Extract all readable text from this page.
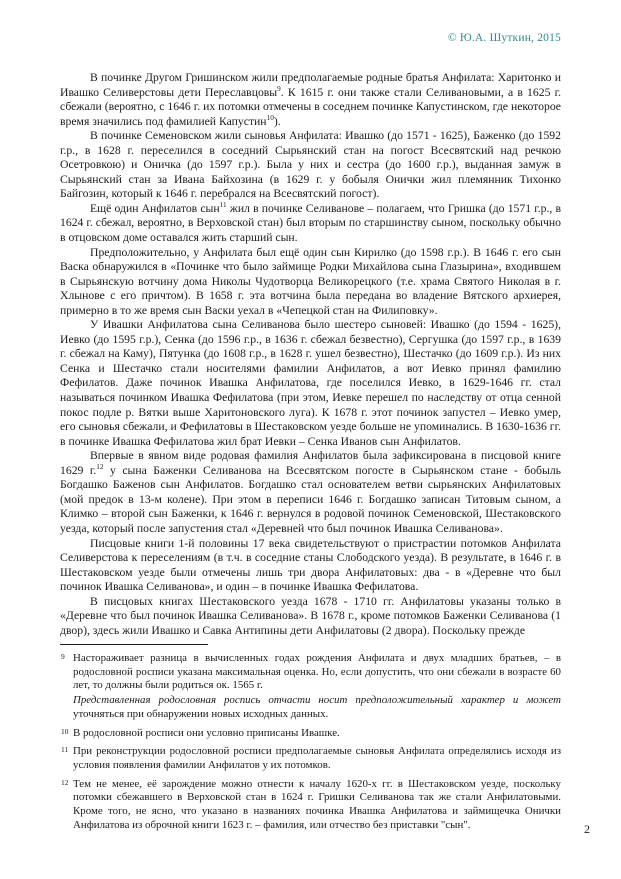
© Ю.А. Шуткин, 2015

В починке Другом Гришинском жили предполагаемые родные братья Анфилата: Харитонко и Ивашко Селиверстовы дети Переславцовы$^9$. К 1615 г. они также стали Селивановыми, а в 1625 г. сбежали (вероятно, с 1646 г. их потомки отмечены в соседнем починке Капустинском, где некоторое время значились под фамилией Капустин$^{10}$).

В починке Семеновском жили сыновья Анфилата: Ивашко (до 1571 - 1625), Баженко (до 1592 г.р., в 1628 г. переселился в соседний Сырьянский стан на погост Всесвятский над речкою Осетровкою) и Оничка (до 1597 г.р.). Была у них и сестра (до 1600 г.р.), выданная замуж в Сырьянский стан за Ивана Байхозина (в 1629 г. у бобыля Онички жил племянник Тихонко Байгозин, который к 1646 г. перебрался на Всесвятский погост).

Ещё один Анфилатов сын$^{11}$ жил в починке Селиванове – полагаем, что Гришка (до 1571 г.р., в 1624 г. сбежал, вероятно, в Верховской стан) был вторым по старшинству сыном, поскольку обычно в отцовском доме оставался жить старший сын.

Предположительно, у Анфилата был ещё один сын Кирилко (до 1598 г.р.). В 1646 г. его сын Васка обнаружился в «Починке что было займище Родки Михайлова сына Глазырина», входившем в Сырьянскую вотчину дома Николы Чудотворца Великорецкого (т.е. храма Святого Николая в г. Хлынове с его причтом). В 1658 г. эта вотчина была передана во владение Вятского архиерея, примерно в то же время сын Васки уехал в «Чепецкой стан на Филиповку».

У Ивашки Анфилатова сына Селиванова было шестеро сыновей: Ивашко (до 1594 - 1625), Иевко (до 1595 г.р.), Сенка (до 1596 г.р., в 1636 г. сбежал безвестно), Сергушка (до 1597 г.р., в 1639 г. сбежал на Каму), Пятунка (до 1608 г.р., в 1628 г. ушел безвестно), Шестачко (до 1609 г.р.). Из них Сенка и Шестачко стали носителями фамилии Анфилатов, а вот Иевко принял фамилию Фефилатов. Даже починок Ивашка Анфилатова, где поселился Иевко, в 1629-1646 гг. стал называться починком Ивашка Фефилатова (при этом, Иевке перешел по наследству от отца сенной покос подле р. Вятки выше Харитоновского луга). К 1678 г. этот починок запустел – Иевко умер, его сыновья сбежали, и Фефилатовы в Шестаковском уезде больше не упоминались. В 1630-1636 гг. в починке Ивашка Фефилатова жил брат Иевки – Сенка Иванов сын Анфилатов.

Впервые в явном виде родовая фамилия Анфилатов была зафиксирована в писцовой книге 1629 г.$^{12}$ у сына Баженки Селиванова на Всесвятском погосте в Сырьянском стане - бобыль Богдашко Баженов сын Анфилатов. Богдашко стал основателем ветви сырьянских Анфилатовых (мой предок в 13-м колене). При этом в переписи 1646 г. Богдашко записан Титовым сыном, а Климко – второй сын Баженки, к 1646 г. вернулся в родовой починок Семеновской, Шестаковского уезда, который после запустения стал «Деревней что был починок Ивашка Селиванова».

Писцовые книги 1-й половины 17 века свидетельствуют о пристрастии потомков Анфилата Селиверстова к переселениям (в т.ч. в соседние станы Слободского уезда). В результате, в 1646 г. в Шестаковском уезде были отмечены лишь три двора Анфилатовых: два - в «Деревне что был починок Ивашка Селиванова», и один – в починке Ивашка Фефилатова.

В писцовых книгах Шестаковского уезда 1678 - 1710 гг. Анфилатовы указаны только в «Деревне что был починок Ивашка Селиванова». В 1678 г., кроме потомков Баженки Селиванова (1 двор), здесь жили Ивашко и Савка Антипины дети Анфилатовы (2 двора). Поскольку прежде

9 Настораживает разница в вычисленных годах рождения Анфилата и двух младших братьев, – в родословной росписи указана максимальная оценка. Но, если допустить, что они сбежали в возрасте 60 лет, то должны были родиться ок. 1565 г.

Представленная родословная роспись отчасти носит предположительный характер и может уточняться при обнаружении новых исходных данных.

10 В родословной росписи они условно приписаны Ивашке.

11 При реконструкции родословной росписи предполагаемые сыновья Анфилата определялись исходя из условия появления фамилии Анфилатов у их потомков.

12 Тем не менее, её зарождение можно отнести к началу 1620-х гг. в Шестаковском уезде, поскольку потомки сбежавшего в Верховской стан в 1624 г. Гришки Селиванова так же стали Анфилатовыми. Кроме того, не ясно, что указано в названиях починка Ивашка Анфилатова и займищечка Онички Анфилатова из оброчной книги 1623 г. – фамилия, или отчество без приставки "сын".	2
